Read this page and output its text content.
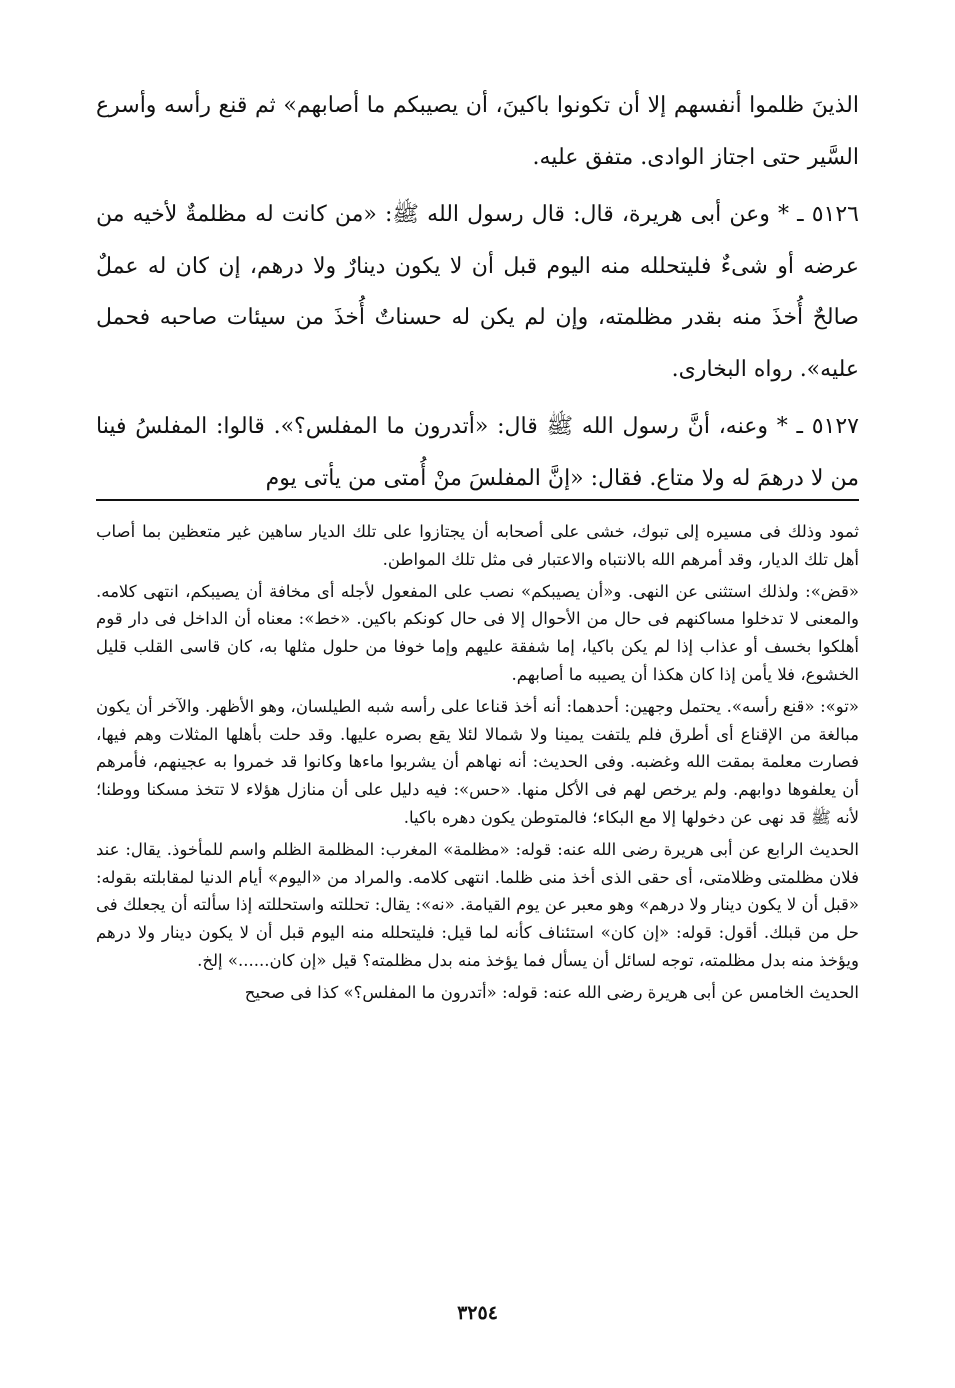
الذينَ ظلموا أنفسهم إلا أن تكونوا باكينَ، أن يصيبكم ما أصابهم» ثم قنع رأسه وأسرع السَّير حتى اجتاز الوادى. متفق عليه.

٥١٢٦ ـ * وعن أبى هريرة، قال: قال رسول الله ﷺ: «من كانت له مظلمةٌ لأخيه من عرضه أو شىءٌ فليتحلله منه اليوم قبل أن لا يكون دينارٌ ولا درهم، إن كان له عملٌ صالحٌ أُخذَ منه بقدر مظلمته، وإن لم يكن له حسناتٌ أُخذَ من سيئات صاحبه فحمل عليه». رواه البخارى.

٥١٢٧ ـ * وعنه، أنَّ رسول الله ﷺ قال: «أتدرون ما المفلس؟». قالوا: المفلسُ فينا من لا درهمَ له ولا متاع. فقال: «إنَّ المفلسَ منْ أُمتى من يأتى يوم

ثمود وذلك فى مسيره إلى تبوك، خشى على أصحابه أن يجتازوا على تلك الديار ساهين غير متعظين بما أصاب أهل تلك الديار، وقد أمرهم الله بالانتباه والاعتبار فى مثل تلك المواطن.

«قض»: ولذلك استثنى عن النهى. و«أن يصيبكم» نصب على المفعول لأجله أى مخافة أن يصيبكم، انتهى كلامه. والمعنى لا تدخلوا مساكنهم فى حال من الأحوال إلا فى حال كونكم باكين. «خط»: معناه أن الداخل فى دار قوم أهلكوا بخسف أو عذاب إذا لم يكن باكيا، إما شفقة عليهم وإما خوفا من حلول مثلها به، كان قاسى القلب قليل الخشوع، فلا يأمن إذا كان هكذا أن يصيبه ما أصابهم.

«تو»: «قنع رأسه». يحتمل وجهين: أحدهما: أنه أخذ قناعا على رأسه شبه الطيلسان، وهو الأظهر. والآخر أن يكون مبالغة من الإقناع أى أطرق فلم يلتفت يمينا ولا شمالا لئلا يقع بصره عليها. وقد حلت بأهلها المثلات وهم فيها، فصارت معلمة بمقت الله وغضبه. وفى الحديث: أنه نهاهم أن يشربوا ماءها وكانوا قد خمروا به عجينهم، فأمرهم أن يعلفوها دوابهم. ولم يرخص لهم فى الأكل منها. «حس»: فيه دليل على أن منازل هؤلاء لا تتخذ مسكنا ووطنا؛ لأنه ﷺ قد نهى عن دخولها إلا مع البكاء؛ فالمتوطن يكون دهره باكيا.

الحديث الرابع عن أبى هريرة رضى الله عنه: قوله: «مظلمة» المغرب: المظلمة الظلم واسم للمأخوذ. يقال: عند فلان مظلمتى وظلامتى، أى حقى الذى أخذ منى ظلما. انتهى كلامه. والمراد من «اليوم» أيام الدنيا لمقابلته بقوله: «قبل أن لا يكون دينار ولا درهم» وهو معبر عن يوم القيامة. «نه»: يقال: تحللته واستحللته إذا سألته أن يجعلك فى حل من قبلك. أقول: قوله: «إن كان» استئناف كأنه لما قيل: فليتحلله منه اليوم قبل أن لا يكون دينار ولا درهم ويؤخذ منه بدل مظلمته، توجه لسائل أن يسأل فما يؤخذ منه بدل مظلمته؟ قيل «إن كان......» إلخ.

الحديث الخامس عن أبى هريرة رضى الله عنه: قوله: «أتدرون ما المفلس؟» كذا فى صحيح

٣٢٥٤
